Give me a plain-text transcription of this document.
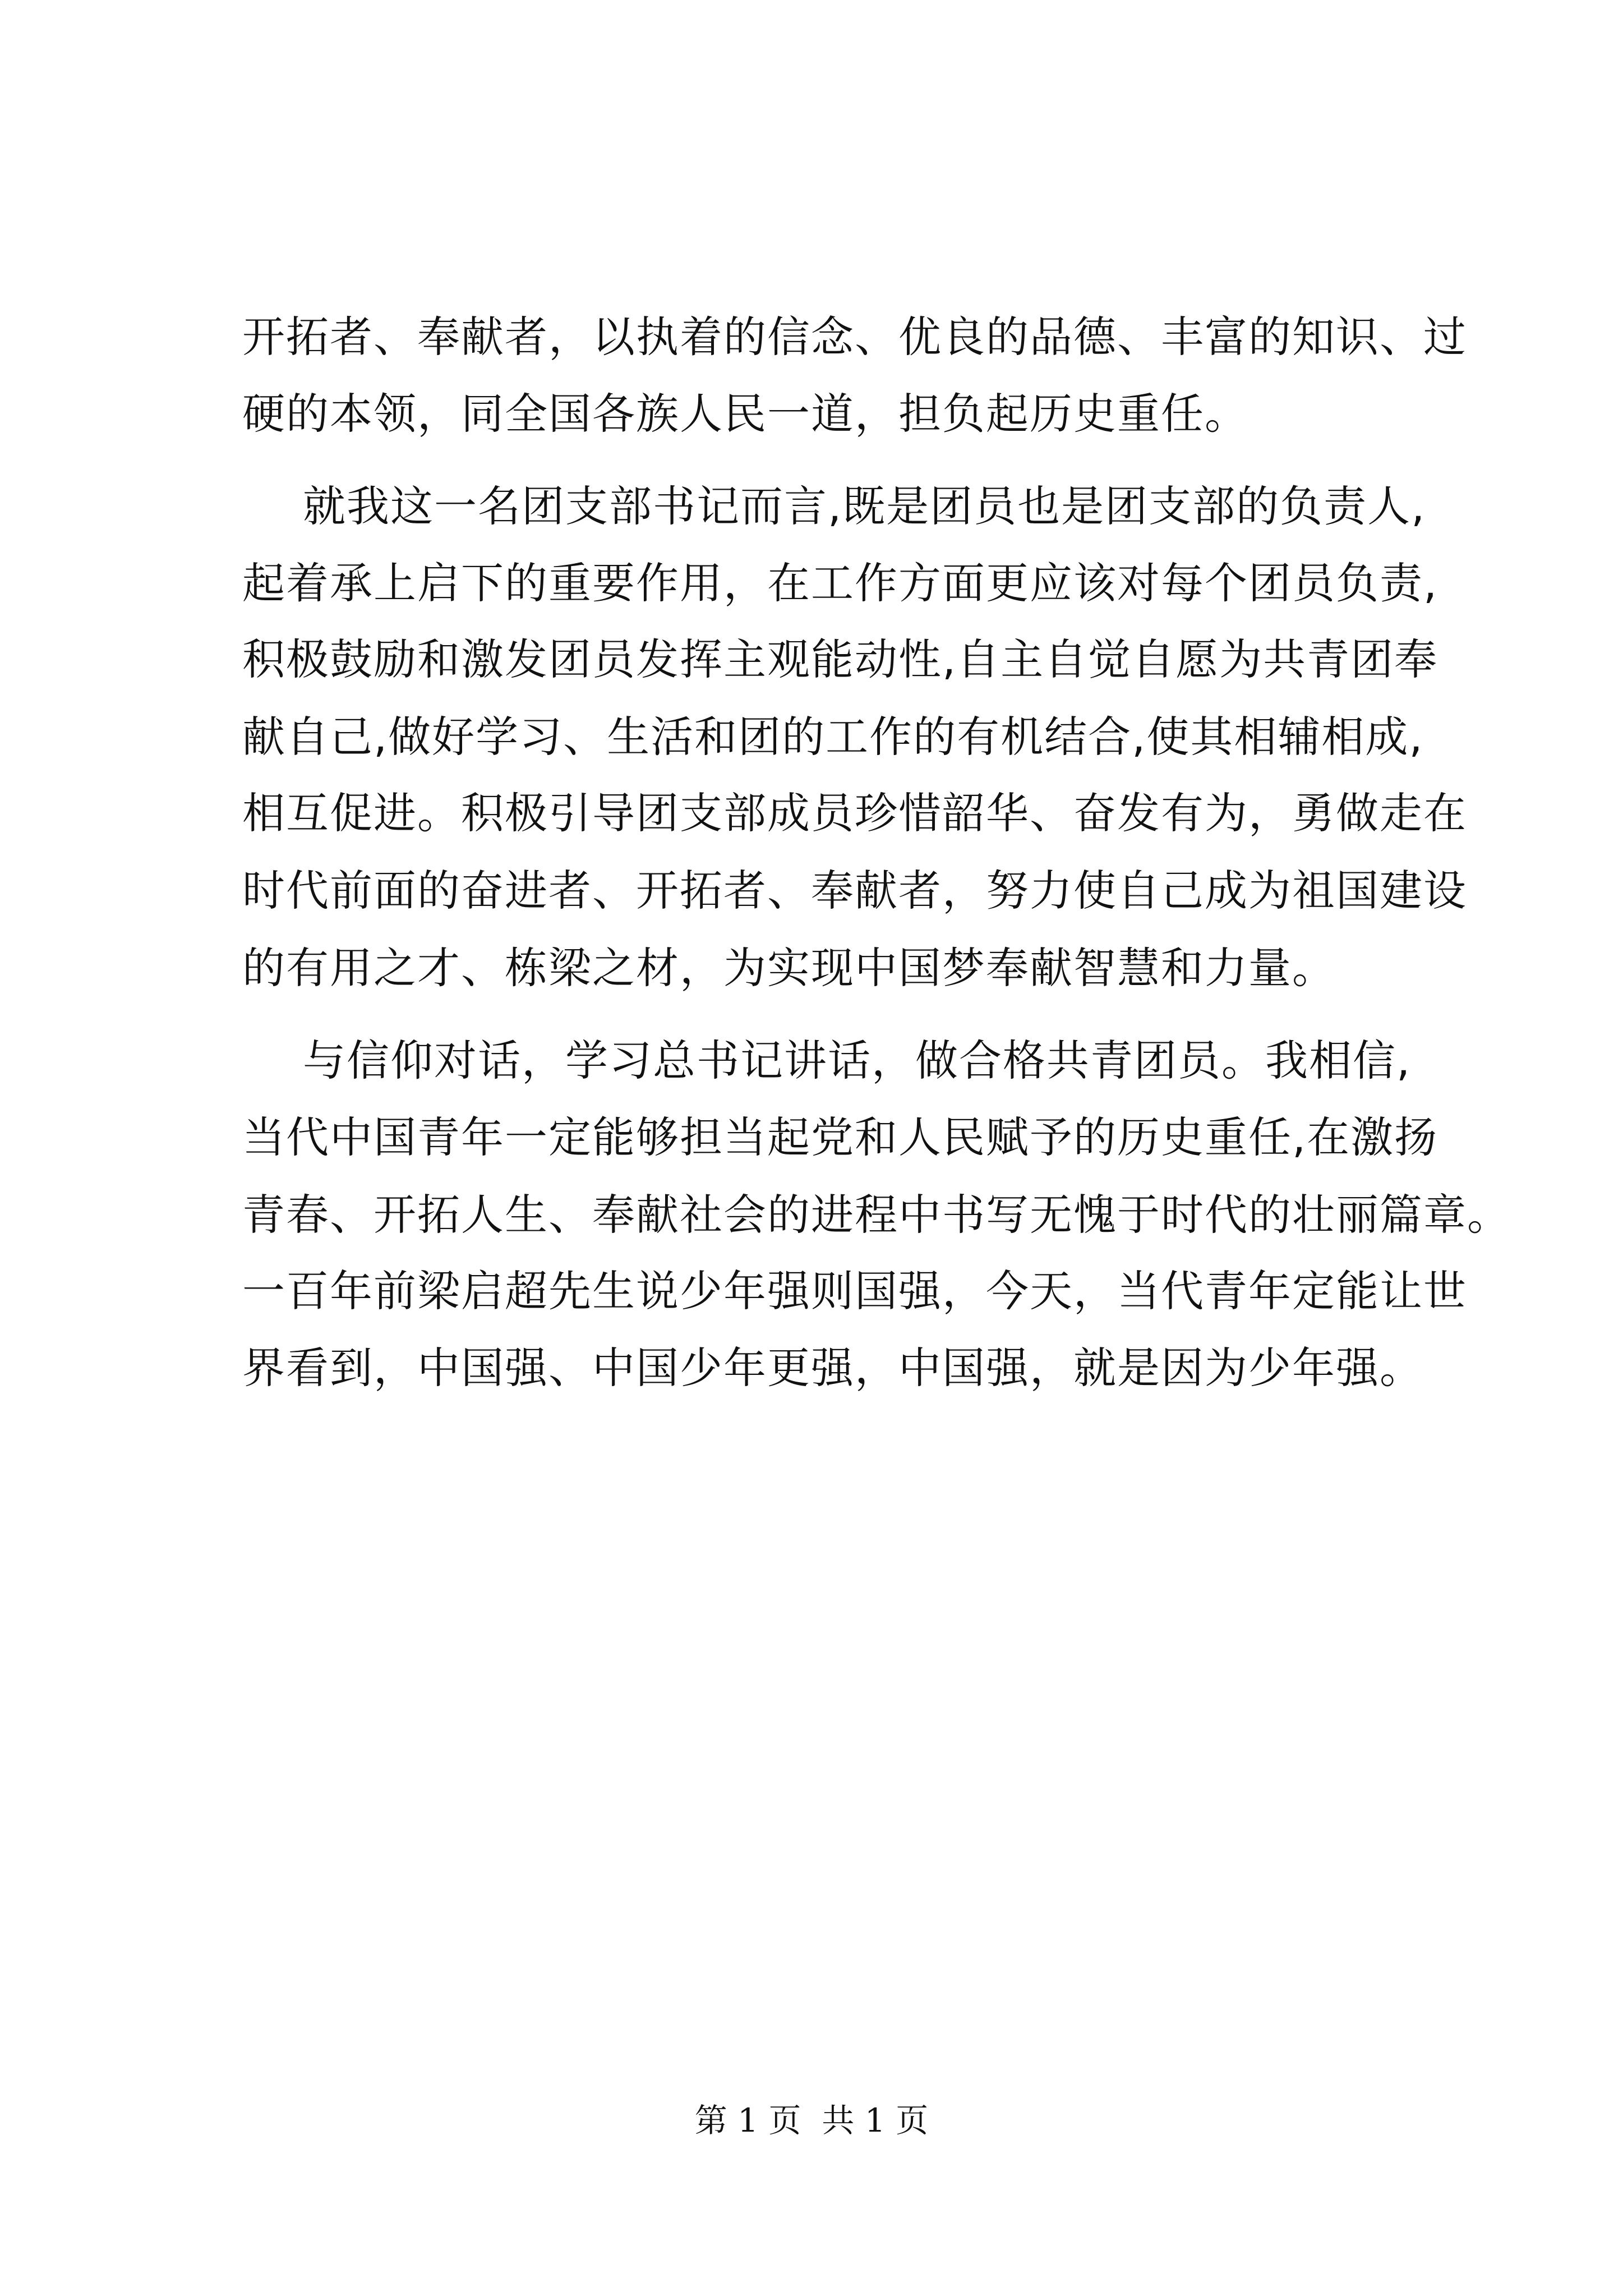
开拓者、奉献者，以执着的信念、优良的品德、丰富的知识、过

硬的本领，同全国各族人民一道，担负起历史重任。

就我这一名团支部书记而言,既是团员也是团支部的负责人,

起着承上启下的重要作用，在工作方面更应该对每个团员负责,

积极鼓励和激发团员发挥主观能动性,自主自觉自愿为共青团奉

献自己,做好学习、生活和团的工作的有机结合,使其相辅相成,

相互促进。积极引导团支部成员珍惜韶华、奋发有为，勇做走在

时代前面的奋进者、开拓者、奉献者，努力使自己成为祖国建设

的有用之才、栋梁之材，为实现中国梦奉献智慧和力量。

与信仰对话，学习总书记讲话，做合格共青团员。我相信,

当代中国青年一定能够担当起党和人民赋予的历史重任,在激扬

青春、开拓人生、奉献社会的进程中书写无愧于时代的壮丽篇章。

一百年前梁启超先生说少年强则国强，今天，当代青年定能让世

界看到，中国强、中国少年更强，中国强，就是因为少年强。

第 1 页  共 1 页
